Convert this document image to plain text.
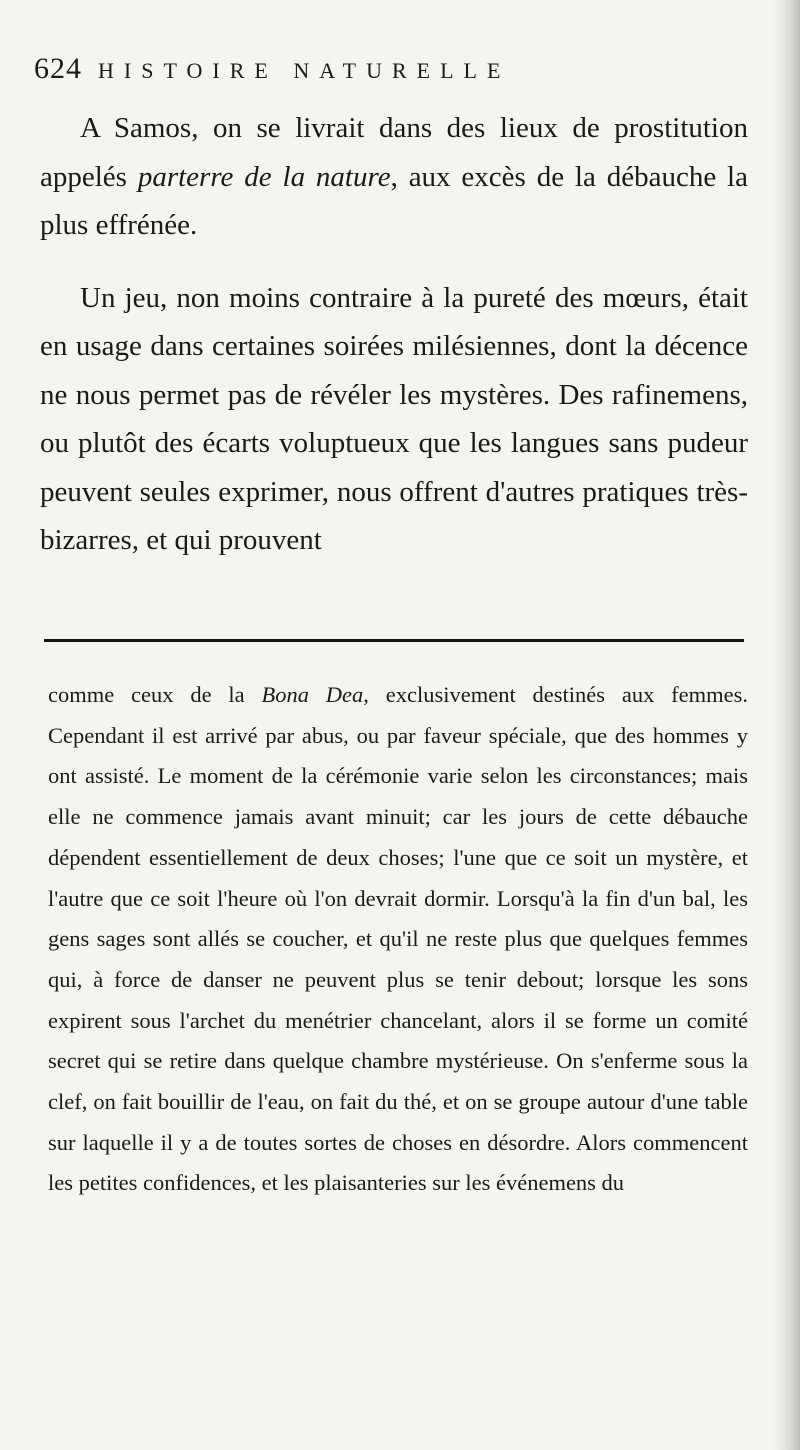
624 HISTOIRE NATURELLE

A Samos, on se livrait dans des lieux de prostitution appelés parterre de la nature, aux excès de la débauche la plus effrénée.

Un jeu, non moins contraire à la pureté des mœurs, était en usage dans certaines soirées milésiennes, dont la décence ne nous permet pas de révéler les mystères. Des rafinemens, ou plutôt des écarts voluptueux que les langues sans pudeur peuvent seules exprimer, nous offrent d'autres pratiques très-bizarres, et qui prouvent

comme ceux de la Bona Dea, exclusivement destinés aux femmes. Cependant il est arrivé par abus, ou par faveur spéciale, que des hommes y ont assisté. Le moment de la cérémonie varie selon les circonstances; mais elle ne commence jamais avant minuit; car les jours de cette débauche dépendent essentiellement de deux choses; l'une que ce soit un mystère, et l'autre que ce soit l'heure où l'on devrait dormir. Lorsqu'à la fin d'un bal, les gens sages sont allés se coucher, et qu'il ne reste plus que quelques femmes qui, à force de danser ne peuvent plus se tenir debout; lorsque les sons expirent sous l'archet du menétrier chancelant, alors il se forme un comité secret qui se retire dans quelque chambre mystérieuse. On s'enferme sous la clef, on fait bouillir de l'eau, on fait du thé, et on se groupe autour d'une table sur laquelle il y a de toutes sortes de choses en désordre. Alors commencent les petites confidences, et les plaisanteries sur les événemens du
